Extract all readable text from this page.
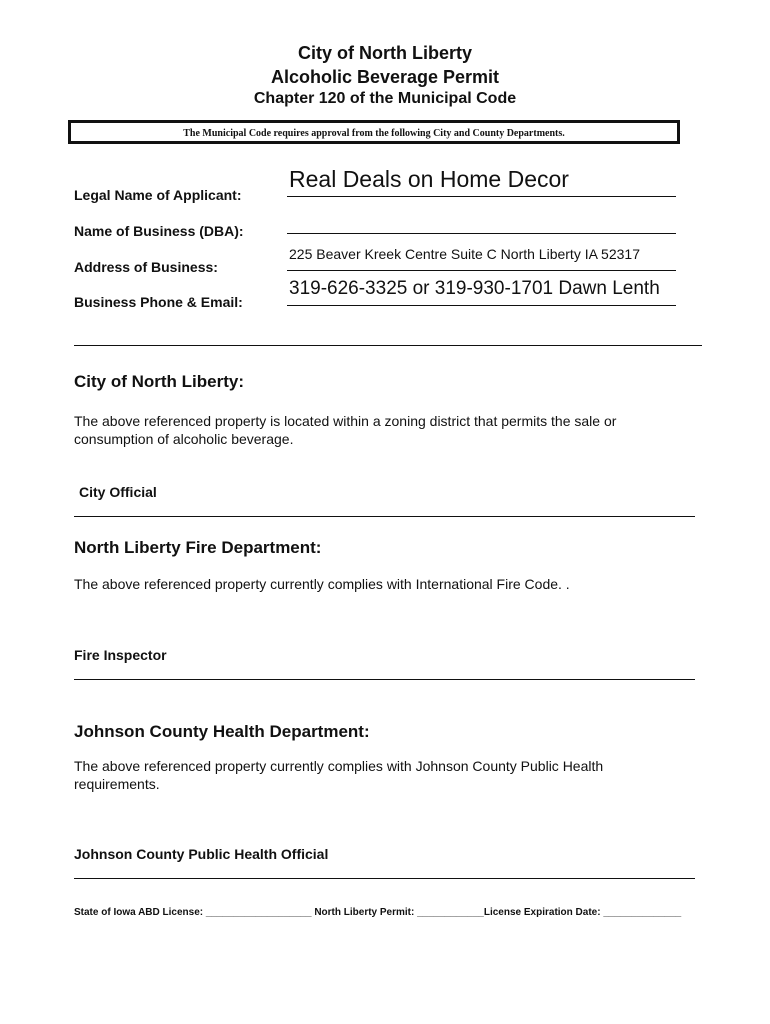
City of North Liberty
Alcoholic Beverage Permit
Chapter 120 of the Municipal Code
The Municipal Code requires approval from the following City and County Departments.
Legal Name of Applicant:
Real Deals on Home Decor
Name of Business (DBA):
Address of Business:
225 Beaver Kreek Centre Suite C North Liberty IA 52317
Business Phone & Email:
319-626-3325 or 319-930-1701 Dawn Lenth
City of North Liberty:
The above referenced property is located within a zoning district that permits the sale or consumption of alcoholic beverage.
City Official
North Liberty Fire Department:
The above referenced property currently complies with International Fire Code. .
Fire Inspector
Johnson County Health Department:
The above referenced property currently complies with Johnson County Public Health requirements.
Johnson County Public Health Official
State of Iowa ABD License: ___________________ North Liberty Permit: ____________License Expiration Date: ______________
